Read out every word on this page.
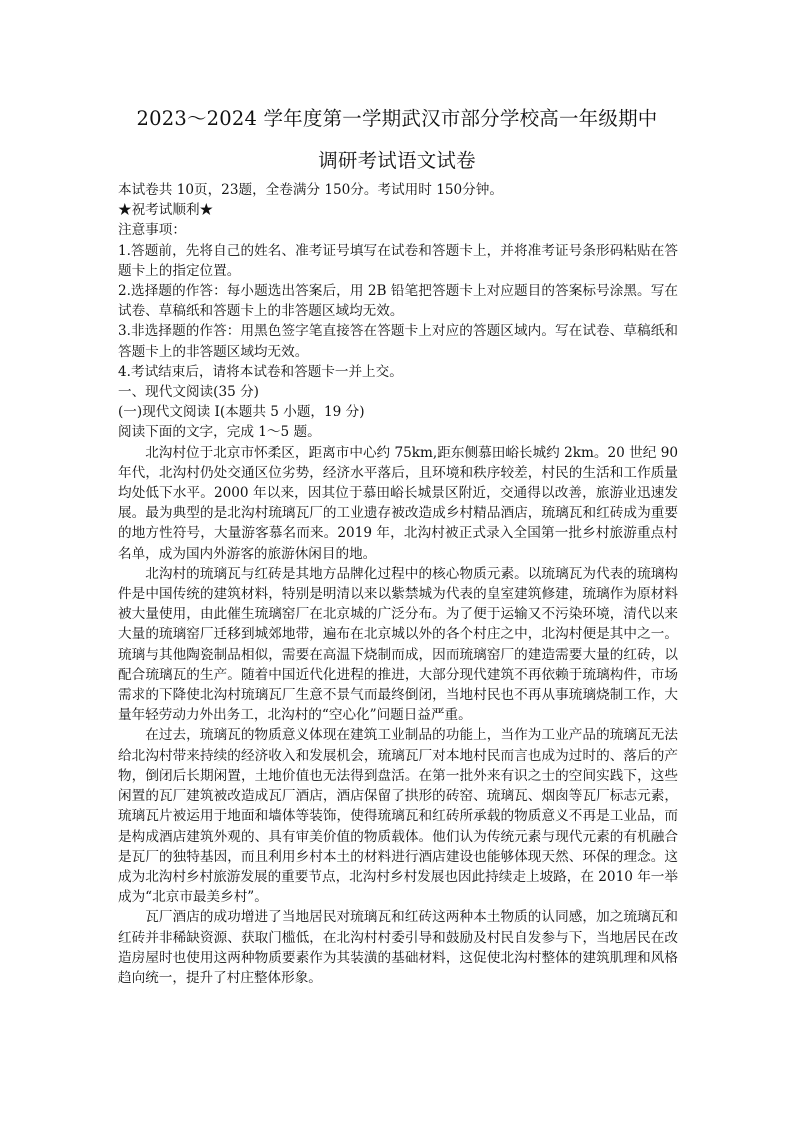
2023～2024 学年度第一学期武汉市部分学校高一年级期中
调研考试语文试卷

本试卷共 10页，23题，全卷满分 150分。考试用时 150分钟。

★祝考试顺利★

注意事项：

1.答题前，先将自己的姓名、准考证号填写在试卷和答题卡上，并将准考证号条形码粘贴在答题卡上的指定位置。

2.选择题的作答：每小题选出答案后，用 2B 铅笔把答题卡上对应题目的答案标号涂黑。写在试卷、草稿纸和答题卡上的非答题区域均无效。

3.非选择题的作答：用黑色签字笔直接答在答题卡上对应的答题区域内。写在试卷、草稿纸和答题卡上的非答题区域均无效。

4.考试结束后，请将本试卷和答题卡一并上交。

一、现代文阅读(35 分)

(一)现代文阅读 I(本题共 5 小题，19 分)

阅读下面的文字，完成 1～5 题。

北沟村位于北京市怀柔区，距离市中心约 75km,距东侧慕田峪长城约 2km。20 世纪 90 年代，北沟村仍处交通区位劣势，经济水平落后，且环境和秩序较差，村民的生活和工作质量均处低下水平。2000 年以来，因其位于慕田峪长城景区附近，交通得以改善，旅游业迅速发展。最为典型的是北沟村琉璃瓦厂的工业遗存被改造成乡村精品酒店，琉璃瓦和红砖成为重要的地方性符号，大量游客慕名而来。2019 年，北沟村被正式录入全国第一批乡村旅游重点村名单，成为国内外游客的旅游休闲目的地。

北沟村的琉璃瓦与红砖是其地方品牌化过程中的核心物质元素。以琉璃瓦为代表的琉璃构件是中国传统的建筑材料，特别是明清以来以紫禁城为代表的皇室建筑修建，琉璃作为原材料被大量使用，由此催生琉璃窑厂在北京城的广泛分布。为了便于运输又不污染环境，清代以来大量的琉璃窑厂迁移到城郊地带，遍布在北京城以外的各个村庄之中，北沟村便是其中之一。琉璃与其他陶瓷制品相似，需要在高温下烧制而成，因而琉璃窑厂的建造需要大量的红砖，以配合琉璃瓦的生产。随着中国近代化进程的推进，大部分现代建筑不再依赖于琉璃构件，市场需求的下降使北沟村琉璃瓦厂生意不景气而最终倒闭，当地村民也不再从事琉璃烧制工作，大量年轻劳动力外出务工，北沟村的“空心化”问题日益严重。

在过去，琉璃瓦的物质意义体现在建筑工业制品的功能上，当作为工业产品的琉璃瓦无法给北沟村带来持续的经济收入和发展机会，琉璃瓦厂对本地村民而言也成为过时的、落后的产物，倒闭后长期闲置，土地价值也无法得到盘活。在第一批外来有识之士的空间实践下，这些闲置的瓦厂建筑被改造成瓦厂酒店，酒店保留了拱形的砖窑、琉璃瓦、烟囱等瓦厂标志元素，琉璃瓦片被运用于地面和墙体等装饰，使得琉璃瓦和红砖所承载的物质意义不再是工业品，而是构成酒店建筑外观的、具有审美价值的物质载体。他们认为传统元素与现代元素的有机融合是瓦厂的独特基因，而且利用乡村本土的材料进行酒店建设也能够体现天然、环保的理念。这成为北沟村乡村旅游发展的重要节点，北沟村乡村发展也因此持续走上坡路，在 2010 年一举成为“北京市最美乡村”。

瓦厂酒店的成功增进了当地居民对琉璃瓦和红砖这两种本土物质的认同感，加之琉璃瓦和红砖并非稀缺资源、获取门槛低，在北沟村村委引导和鼓励及村民自发参与下，当地居民在改造房屋时也使用这两种物质要素作为其装潢的基础材料，这促使北沟村整体的建筑肌理和风格趋向统一，提升了村庄整体形象。
